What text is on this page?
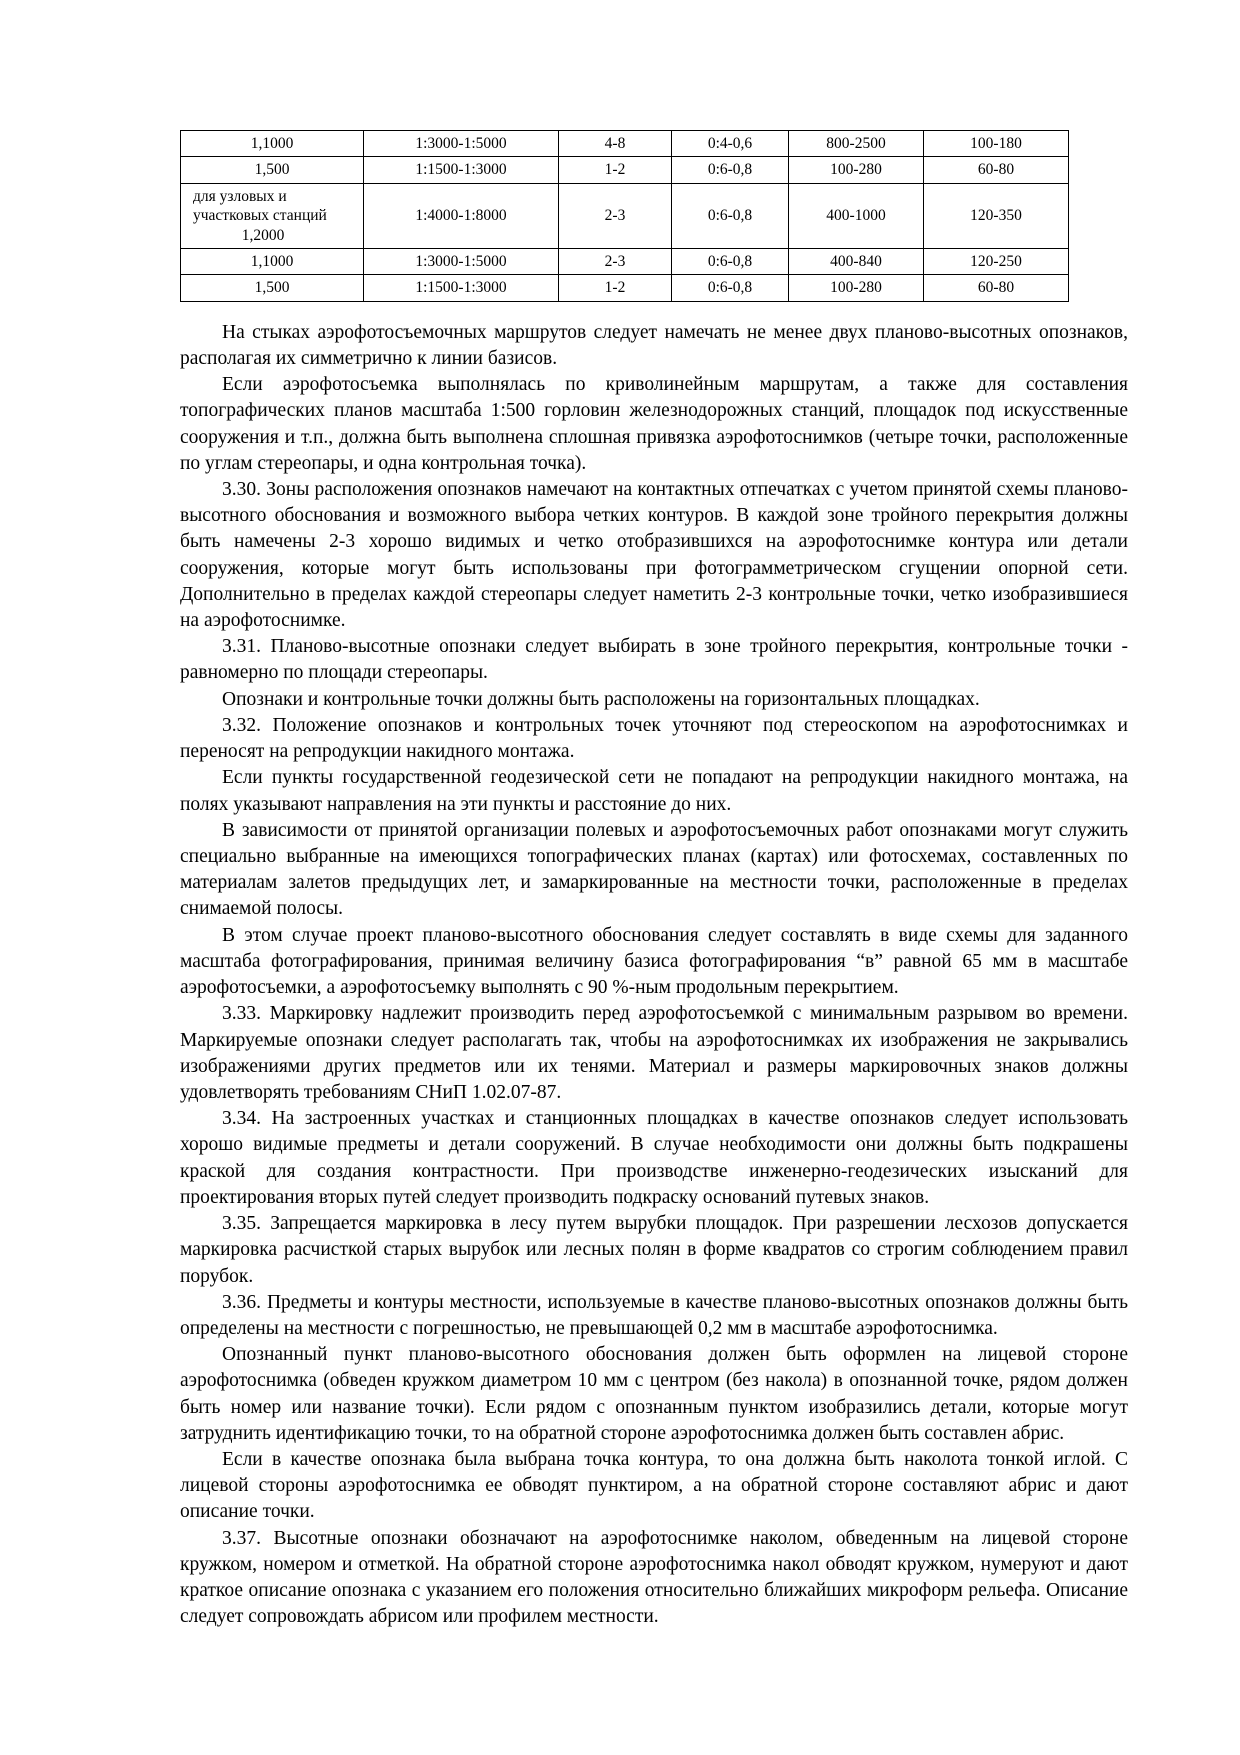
1,1000	1:3000-1:5000	4-8	0:4-0,6	800-2500	100-180
1,500	1:1500-1:3000	1-2	0:6-0,8	100-280	60-80

для узловых и участковых станций
1,2000	1:4000-1:8000	2-3	0:6-0,8	400-1000	120-350
1,1000	1:3000-1:5000	2-3	0:6-0,8	400-840	120-250
1,500	1:1500-1:3000	1-2	0:6-0,8	100-280	60-80

На стыках аэрофотосъемочных маршрутов следует намечать не менее двух планово-высотных опознаков, располагая их симметрично к линии базисов.

Если аэрофотосъемка выполнялась по криволинейным маршрутам, а также для составления топографических планов масштаба 1:500 горловин железнодорожных станций, площадок под искусственные сооружения и т.п., должна быть выполнена сплошная привязка аэрофотоснимков (четыре точки, расположенные по углам стереопары, и одна контрольная точка).

3.30. Зоны расположения опознаков намечают на контактных отпечатках с учетом принятой схемы планово-высотного обоснования и возможного выбора четких контуров. В каждой зоне тройного перекрытия должны быть намечены 2-3 хорошо видимых и четко отобразившихся на аэрофотоснимке контура или детали сооружения, которые могут быть использованы при фотограмметрическом сгущении опорной сети. Дополнительно в пределах каждой стереопары следует наметить 2-3 контрольные точки, четко изобразившиеся на аэрофотоснимке.

3.31. Планово-высотные опознаки следует выбирать в зоне тройного перекрытия, контрольные точки - равномерно по площади стереопары.

Опознаки и контрольные точки должны быть расположены на горизонтальных площадках.

3.32. Положение опознаков и контрольных точек уточняют под стереоскопом на аэрофотоснимках и переносят на репродукции накидного монтажа.

Если пункты государственной геодезической сети не попадают на репродукции накидного монтажа, на полях указывают направления на эти пункты и расстояние до них.

В зависимости от принятой организации полевых и аэрофотосъемочных работ опознаками могут служить специально выбранные на имеющихся топографических планах (картах) или фотосхемах, составленных по материалам залетов предыдущих лет, и замаркированные на местности точки, расположенные в пределах снимаемой полосы.

В этом случае проект планово-высотного обоснования следует составлять в виде схемы для заданного масштаба фотографирования, принимая величину базиса фотографирования “в” равной 65 мм в масштабе аэрофотосъемки, а аэрофотосъемку выполнять с 90 %-ным продольным перекрытием.

3.33. Маркировку надлежит производить перед аэрофотосъемкой с минимальным разрывом во времени. Маркируемые опознаки следует располагать так, чтобы на аэрофотоснимках их изображения не закрывались изображениями других предметов или их тенями. Материал и размеры маркировочных знаков должны удовлетворять требованиям СНиП 1.02.07-87.

3.34. На застроенных участках и станционных площадках в качестве опознаков следует использовать хорошо видимые предметы и детали сооружений. В случае необходимости они должны быть подкрашены краской для создания контрастности. При производстве инженерно-геодезических изысканий для проектирования вторых путей следует производить подкраску оснований путевых знаков.

3.35. Запрещается маркировка в лесу путем вырубки площадок. При разрешении лесхозов допускается маркировка расчисткой старых вырубок или лесных полян в форме квадратов со строгим соблюдением правил порубок.

3.36. Предметы и контуры местности, используемые в качестве планово-высотных опознаков должны быть определены на местности с погрешностью, не превышающей 0,2 мм в масштабе аэрофотоснимка.

Опознанный пункт планово-высотного обоснования должен быть оформлен на лицевой стороне аэрофотоснимка (обведен кружком диаметром 10 мм с центром (без накола) в опознанной точке, рядом должен быть номер или название точки). Если рядом с опознанным пунктом изобразились детали, которые могут затруднить идентификацию точки, то на обратной стороне аэрофотоснимка должен быть составлен абрис.

Если в качестве опознака была выбрана точка контура, то она должна быть наколота тонкой иглой. С лицевой стороны аэрофотоснимка ее обводят пунктиром, а на обратной стороне составляют абрис и дают описание точки.

3.37. Высотные опознаки обозначают на аэрофотоснимке наколом, обведенным на лицевой стороне кружком, номером и отметкой. На обратной стороне аэрофотоснимка накол обводят кружком, нумеруют и дают краткое описание опознака с указанием его положения относительно ближайших микроформ рельефа. Описание следует сопровождать абрисом или профилем местности.
